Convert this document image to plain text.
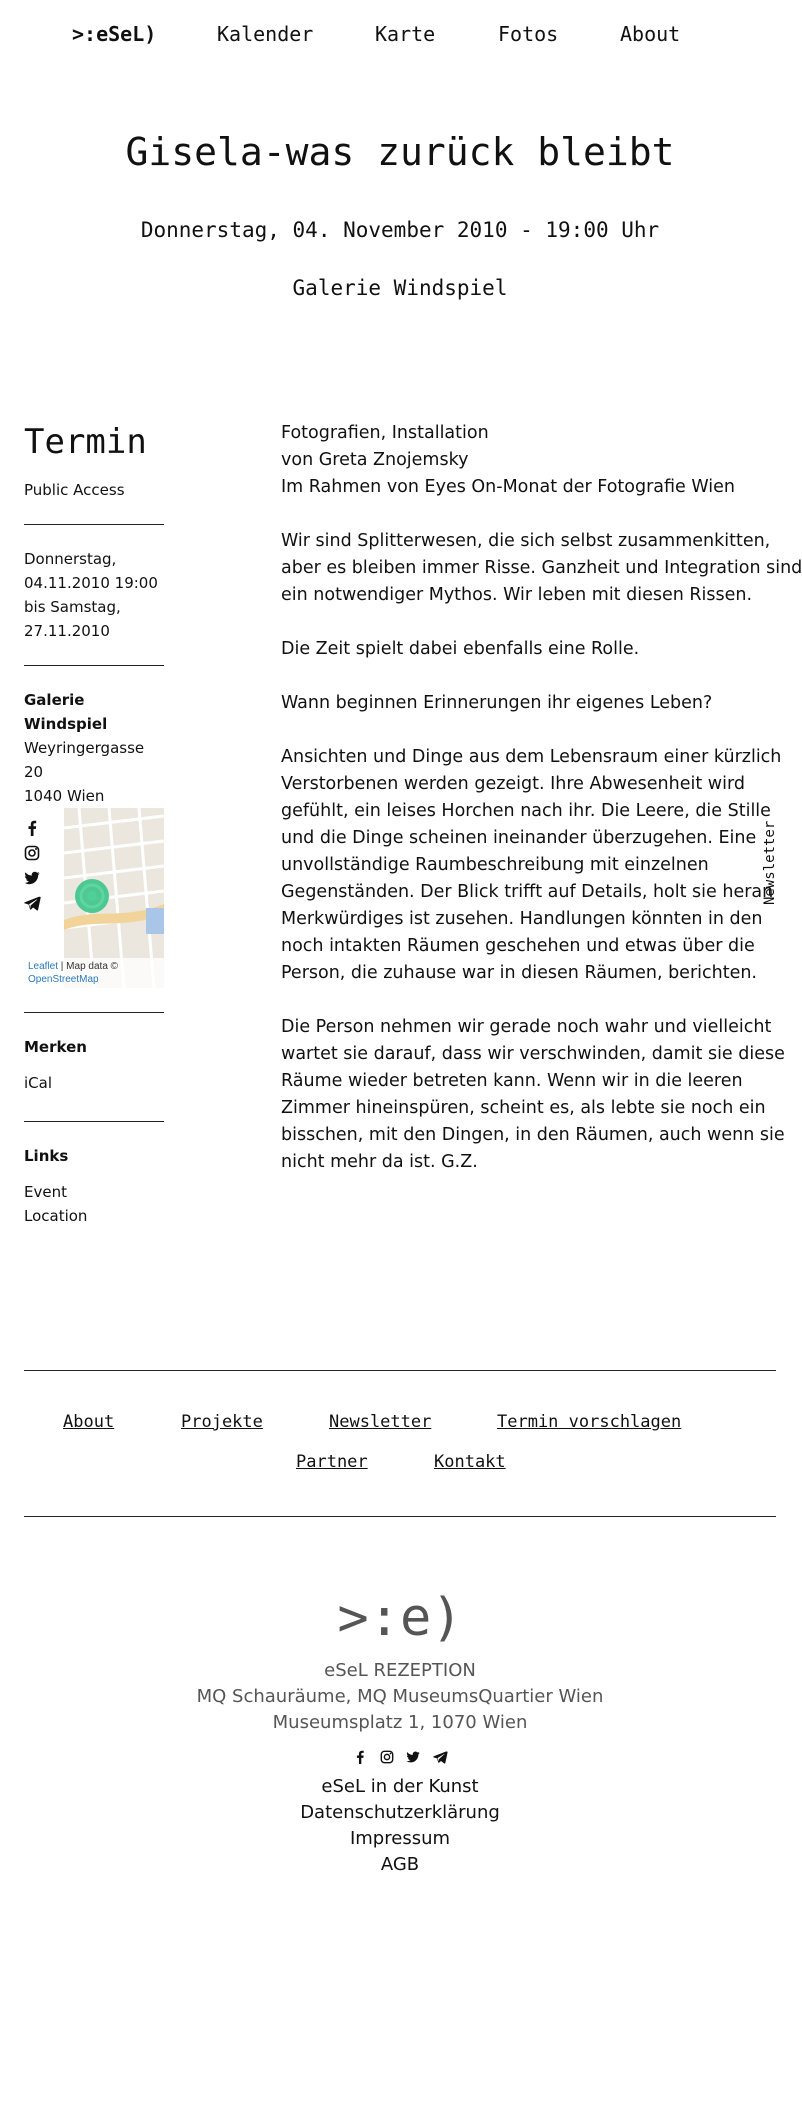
>:eSeL)	Kalender	Karte	Fotos	About
Gisela-was zurück bleibt
Donnerstag, 04. November 2010 - 19:00 Uhr
Galerie Windspiel
Termin
Public Access
Donnerstag,
04.11.2010 19:00
bis Samstag,
27.11.2010
Galerie Windspiel
Weyringergasse
20
1040 Wien
Leaflet | Map data ©
OpenStreetMap
Merken
iCal
Links
Event
Location

Fotografien, Installation
von Greta Znojemsky
Im Rahmen von Eyes On-Monat der Fotografie Wien

Wir sind Splitterwesen, die sich selbst zusammenkitten,
aber es bleiben immer Risse. Ganzheit und Integration sind
ein notwendiger Mythos. Wir leben mit diesen Rissen.

Die Zeit spielt dabei ebenfalls eine Rolle.

Wann beginnen Erinnerungen ihr eigenes Leben?

Ansichten und Dinge aus dem Lebensraum einer kürzlich
Verstorbenen werden gezeigt. Ihre Abwesenheit wird
gefühlt, ein leises Horchen nach ihr. Die Leere, die Stille
und die Dinge scheinen ineinander überzugehen. Eine
unvollständige Raumbeschreibung mit einzelnen
Gegenständen. Der Blick trifft auf Details, holt sie heran
Merkwürdiges ist zusehen. Handlungen könnten in den
noch intakten Räumen geschehen und etwas über die
Person, die zuhause war in diesen Räumen, berichten.

Die Person nehmen wir gerade noch wahr und vielleicht
wartet sie darauf, dass wir verschwinden, damit sie diese
Räume wieder betreten kann. Wenn wir in die leeren
Zimmer hineinspüren, scheint es, als lebte sie noch ein
bisschen, mit den Dingen, in den Räumen, auch wenn sie
nicht mehr da ist. G.Z.

Newsletter
About	Projekte	Newsletter	Termin vorschlagen
Partner	Kontakt
>:e)
eSeL REZEPTION
MQ Schauräume, MQ MuseumsQuartier Wien
Museumsplatz 1, 1070 Wien

eSeL in der Kunst
Datenschutzerklärung
Impressum
AGB
